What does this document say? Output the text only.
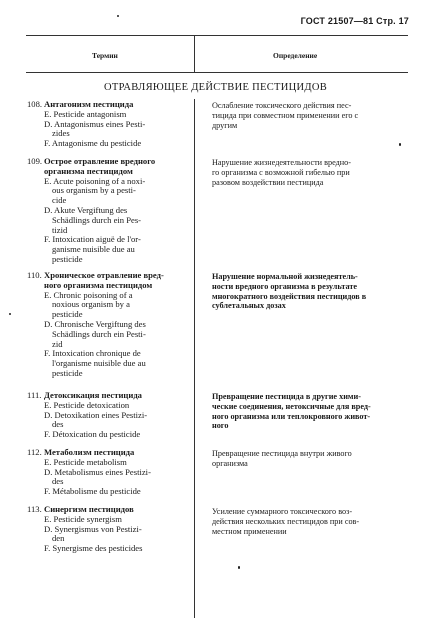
ГОСТ 21507—81 Стр. 17
Термин	Определение
ОТРАВЛЯЮЩЕЕ ДЕЙСТВИЕ ПЕСТИЦИДОВ
108. Антагонизм пестицида
E. Pesticide antagonism
D. Antagonismus eines Pesti-
zides
F. Antagonisme du pesticide
Ослабление токсического действия пес-
тицида при совместном применении его с
другим
109. Острое отравление вредного
организма пестицидом
E. Acute poisoning of a noxi-
ous organism by a pesti-
cide
D. Akute Vergiftung des
Schädlings durch ein Pes-
tizid
F. Intoxication aiguë de l'or-
ganisme nuisible due au
pesticide
Нарушение жизнедеятельности вредно-
го организма с возможной гибелью при
разовом воздействии пестицида
110. Хроническое отравление вред-
ного организма пестицидом
E. Chronic poisoning of a
noxious organism by a
pesticide
D. Chronische Vergiftung des
Schädlings durch ein Pesti-
zid
F. Intoxication chronique de
l'organisme nuisible due au
pesticide
Нарушение нормальной жизнедеятель-
ности вредного организма в результате
многократного воздействия пестицидов в
сублетальных дозах
111. Детоксикация пестицида
E. Pesticide detoxication
D. Detoxikation eines Pestizi-
des
F. Détoxication du pesticide
Превращение пестицида в другие хими-
ческие соединения, нетоксичные для вред-
ного организма или теплокровного живот-
ного
112. Метаболизм пестицида
E. Pesticide metabolism
D. Metabolismus eines Pestizi-
des
F. Métabolisme du pesticide
Превращение пестицида внутри живого
организма
113. Синергизм пестицидов
E. Pesticide synergism
D. Synergismus von Pestizi-
den
F. Synergisme des pesticides
Усиление суммарного токсического воз-
действия нескольких пестицидов при сов-
местном применении
